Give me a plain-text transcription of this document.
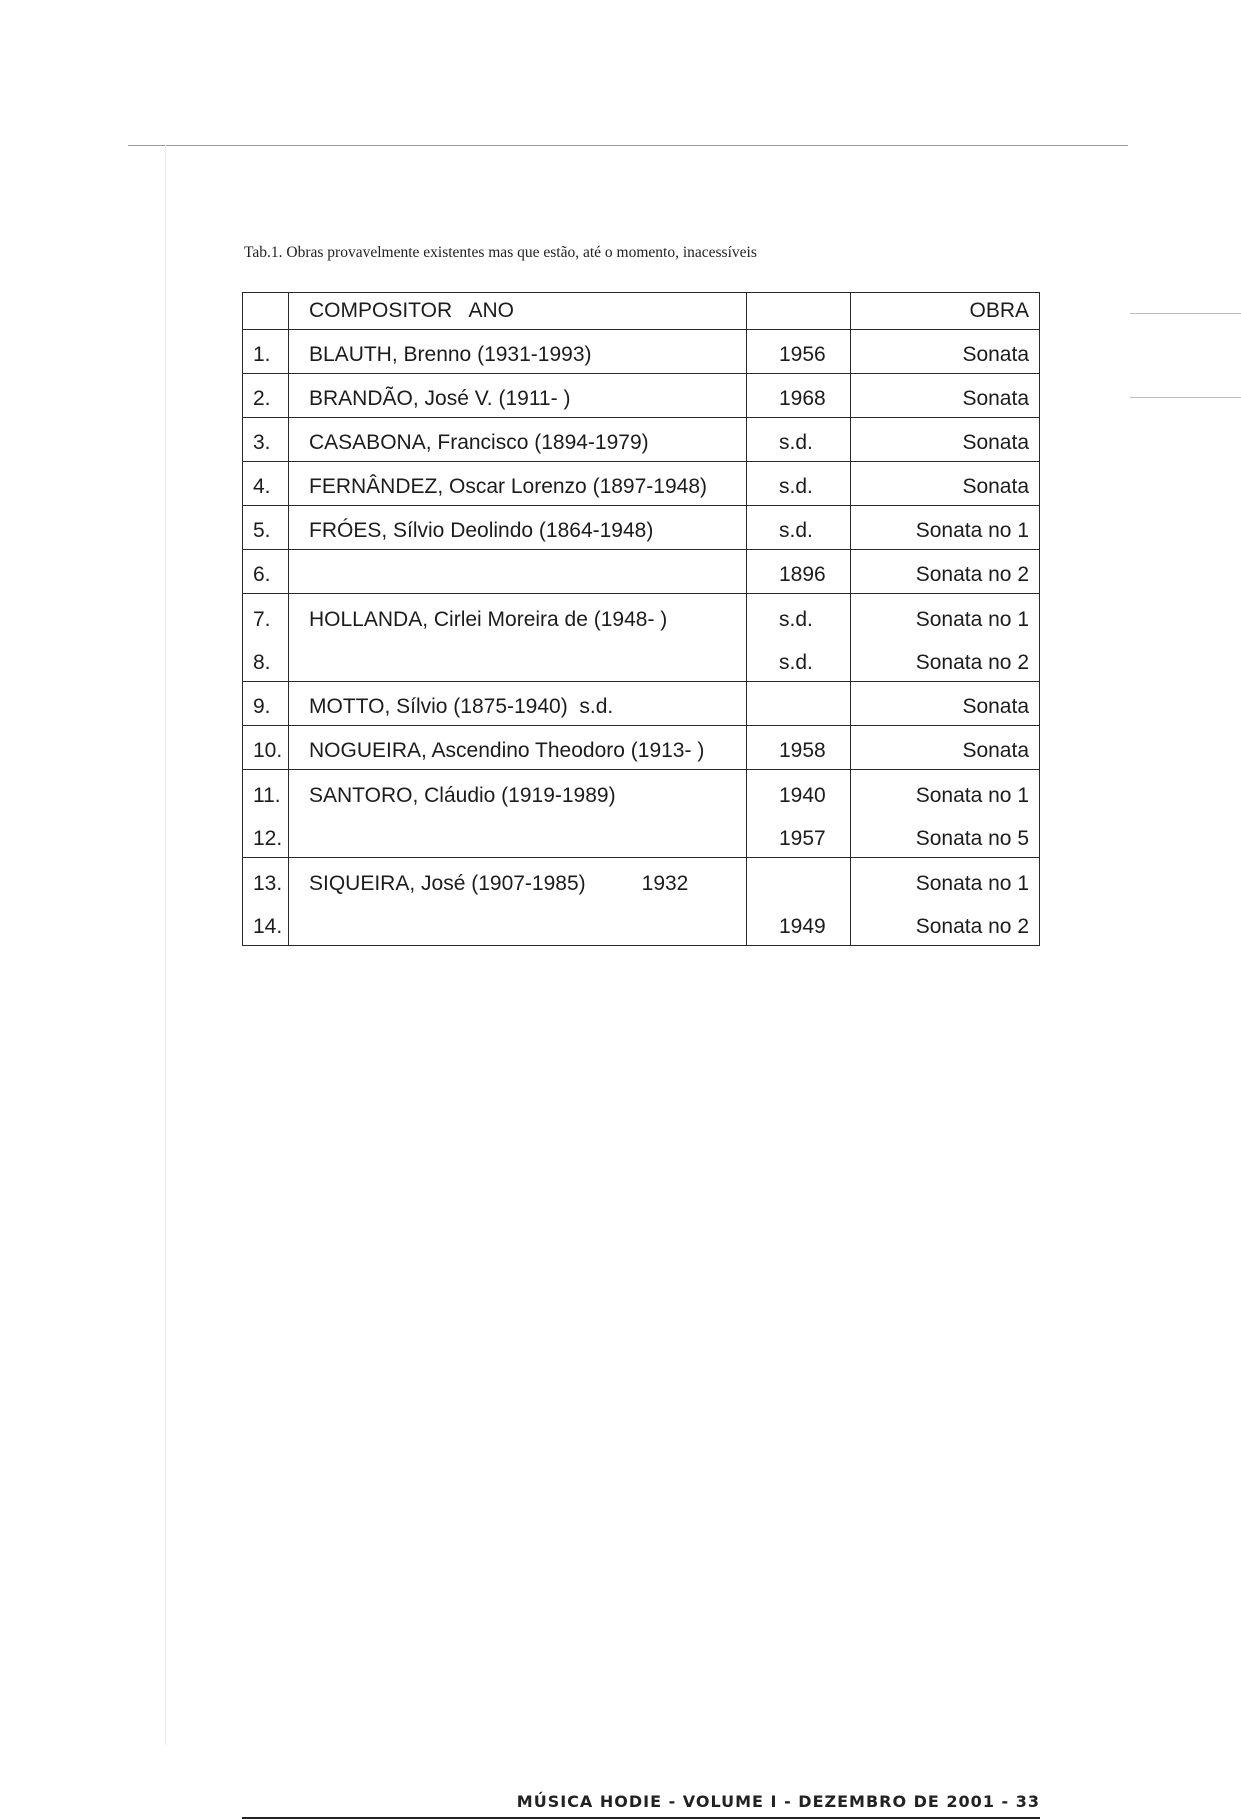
Tab.1. Obras provavelmente existentes mas que estão, até o momento, inacessíveis
	COMPOSITOR   ANO		OBRA
1.	BLAUTH, Brenno (1931-1993)	1956	Sonata
2.	BRANDÃO, José V. (1911- )	1968	Sonata
3.	CASABONA, Francisco (1894-1979)	s.d.	Sonata
4.	FERNÂNDEZ, Oscar Lorenzo (1897-1948)	s.d.	Sonata
5.	FRÓES, Sílvio Deolindo (1864-1948)	s.d.	Sonata no 1
6.		1896	Sonata no 2
7.	HOLLANDA, Cirlei Moreira de (1948- )	s.d.	Sonata no 1
8.		s.d.	Sonata no 2
9.	MOTTO, Sílvio (1875-1940)  s.d.		Sonata
10.	NOGUEIRA, Ascendino Theodoro (1913- )	1958	Sonata
11.	SANTORO, Cláudio (1919-1989)	1940	Sonata no 1
12.		1957	Sonata no 5
13.	SIQUEIRA, José (1907-1985) 1932		Sonata no 1
14.		1949	Sonata no 2
MÚSICA HODIE - VOLUME I - DEZEMBRO DE 2001 - 33
